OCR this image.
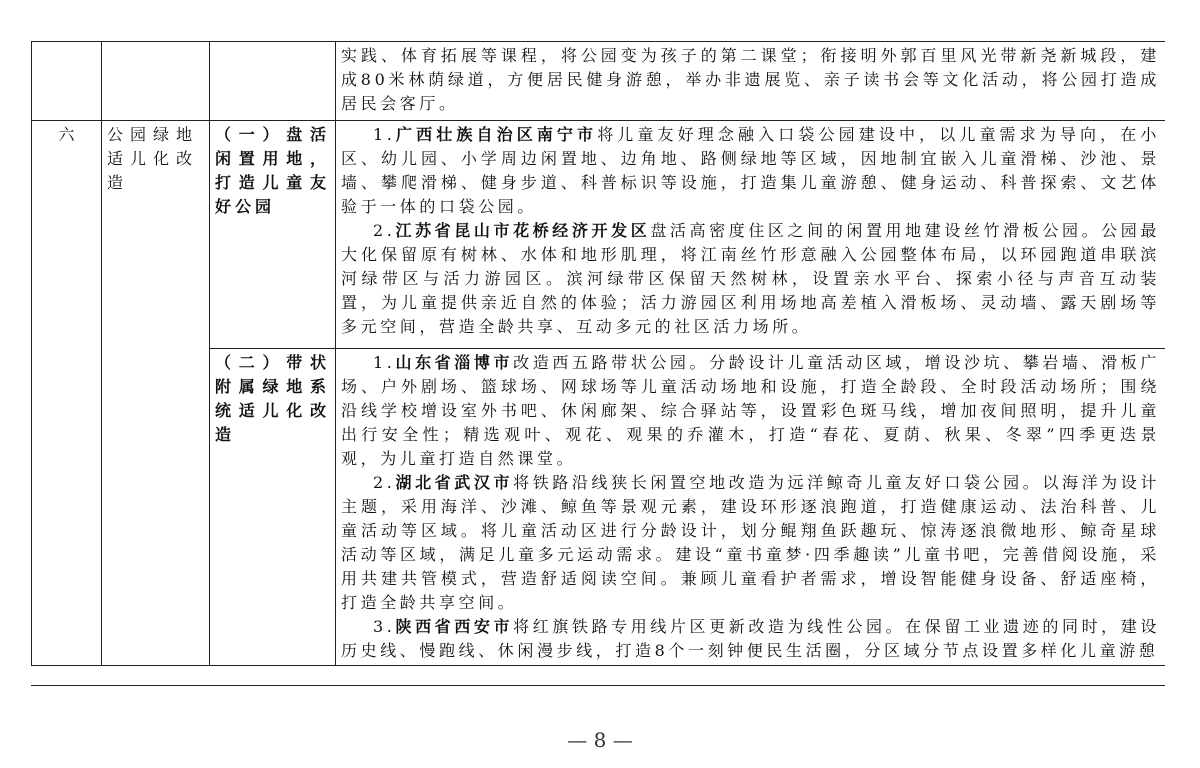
			实践、体育拓展等课程，将公园变为孩子的第二课堂；衔接明外郭百里风光带新尧新城段，建成80米林荫绿道，方便居民健身游憩，举办非遗展览、亲子读书会等文化活动，将公园打造成居民会客厅。

六	公园绿地适儿化改造	（一）盘活闲置用地，打造儿童友好公园	1.广西壮族自治区南宁市将儿童友好理念融入口袋公园建设中，以儿童需求为导向，在小区、幼儿园、小学周边闲置地、边角地、路侧绿地等区域，因地制宜嵌入儿童滑梯、沙池、景墙、攀爬滑梯、健身步道、科普标识等设施，打造集儿童游憩、健身运动、科普探索、文艺体验于一体的口袋公园。

2.江苏省昆山市花桥经济开发区盘活高密度住区之间的闲置用地建设丝竹滑板公园。公园最大化保留原有树林、水体和地形肌理，将江南丝竹形意融入公园整体布局，以环园跑道串联滨河绿带区与活力游园区。滨河绿带区保留天然树林，设置亲水平台、探索小径与声音互动装置，为儿童提供亲近自然的体验；活力游园区利用场地高差植入滑板场、灵动墙、露天剧场等多元空间，营造全龄共享、互动多元的社区活力场所。

		（二）带状附属绿地系统适儿化改造	1.山东省淄博市改造西五路带状公园。分龄设计儿童活动区域，增设沙坑、攀岩墙、滑板广场、户外剧场、篮球场、网球场等儿童活动场地和设施，打造全龄段、全时段活动场所；围绕沿线学校增设室外书吧、休闲廊架、综合驿站等，设置彩色斑马线，增加夜间照明，提升儿童出行安全性；精选观叶、观花、观果的乔灌木，打造“春花、夏荫、秋果、冬翠”四季更迭景观，为儿童打造自然课堂。

2.湖北省武汉市将铁路沿线狭长闲置空地改造为远洋鲸奇儿童友好口袋公园。以海洋为设计主题，采用海洋、沙滩、鲸鱼等景观元素，建设环形逐浪跑道，打造健康运动、法治科普、儿童活动等区域。将儿童活动区进行分龄设计，划分鲲翔鱼跃趣玩、惊涛逐浪微地形、鲸奇星球活动等区域，满足儿童多元运动需求。建设“童书童梦·四季趣读”儿童书吧，完善借阅设施，采用共建共管模式，营造舒适阅读空间。兼顾儿童看护者需求，增设智能健身设备、舒适座椅，打造全龄共享空间。

3.陕西省西安市将红旗铁路专用线片区更新改造为线性公园。在保留工业遗迹的同时，建设历史线、慢跑线、休闲漫步线，打造8个一刻钟便民生活圈，分区域分节点设置多样化儿童游憩

— 8 —
